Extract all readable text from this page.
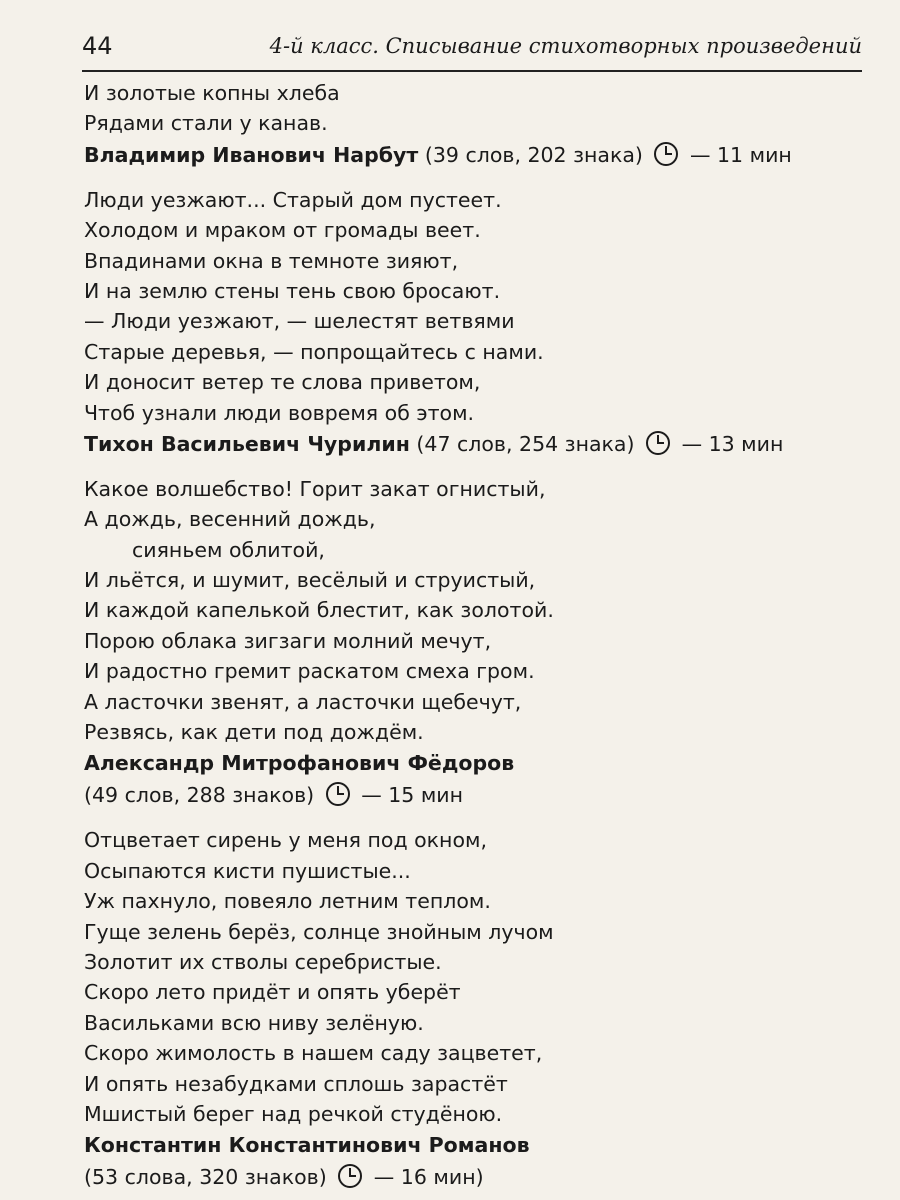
44	4-й класс. Списывание стихотворных произведений
И золотые копны хлеба
Рядами стали у канав.
Владимир Иванович Нарбут (39 слов, 202 знака) — 11 мин
Люди уезжают... Старый дом пустеет.
Холодом и мраком от громады веет.
Впадинами окна в темноте зияют,
И на землю стены тень свою бросают.
— Люди уезжают, — шелестят ветвями
Старые деревья, — попрощайтесь с нами.
И доносит ветер те слова приветом,
Чтоб узнали люди вовремя об этом.
Тихон Васильевич Чурилин (47 слов, 254 знака) — 13 мин
Какое волшебство! Горит закат огнистый,
А дождь, весенний дождь,
сияньем облитой,
И льётся, и шумит, весёлый и струистый,
И каждой капелькой блестит, как золотой.
Порою облака зигзаги молний мечут,
И радостно гремит раскатом смеха гром.
А ласточки звенят, а ласточки щебечут,
Резвясь, как дети под дождём.
Александр Митрофанович Фёдоров
(49 слов, 288 знаков) — 15 мин
Отцветает сирень у меня под окном,
Осыпаются кисти пушистые...
Уж пахнуло, повеяло летним теплом.
Гуще зелень берёз, солнце знойным лучом
Золотит их стволы серебристые.
Скоро лето придёт и опять уберёт
Васильками всю ниву зелёную.
Скоро жимолость в нашем саду зацветет,
И опять незабудками сплошь зарастёт
Мшистый берег над речкой студёною.
Константин Константинович Романов
(53 слова, 320 знаков) — 16 мин)
